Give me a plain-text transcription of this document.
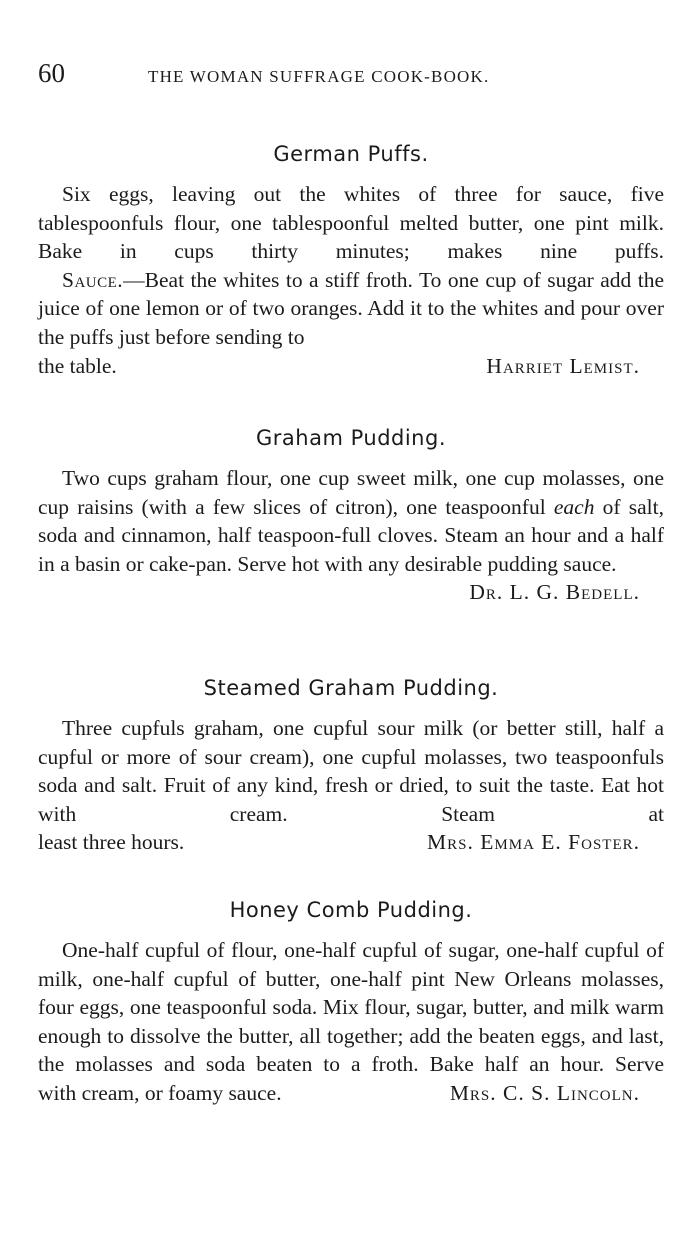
60	THE WOMAN SUFFRAGE COOK-BOOK.
German Puffs.

Six eggs, leaving out the whites of three for sauce, five tablespoonfuls flour, one tablespoonful melted butter, one pint milk. Bake in cups thirty minutes; makes nine puffs.

Sauce.—Beat the whites to a stiff froth. To one cup of sugar add the juice of one lemon or of two oranges. Add it to the whites and pour over the puffs just before sending to

the table.	Harriet Lemist.
Graham Pudding.

Two cups graham flour, one cup sweet milk, one cup molasses, one cup raisins (with a few slices of citron), one teaspoonful each of salt, soda and cinnamon, half teaspoon-full cloves. Steam an hour and a half in a basin or cake-pan. Serve hot with any desirable pudding sauce.

Dr. L. G. Bedell.
Steamed Graham Pudding.

Three cupfuls graham, one cupful sour milk (or better still, half a cupful or more of sour cream), one cupful molasses, two teaspoonfuls soda and salt. Fruit of any kind, fresh or dried, to suit the taste. Eat hot with cream. Steam at

least three hours.	Mrs. Emma E. Foster.
Honey Comb Pudding.

One-half cupful of flour, one-half cupful of sugar, one-half cupful of milk, one-half cupful of butter, one-half pint New Orleans molasses, four eggs, one teaspoonful soda. Mix flour, sugar, butter, and milk warm enough to dissolve the butter, all together; add the beaten eggs, and last, the molasses and soda beaten to a froth. Bake half an hour. Serve

with cream, or foamy sauce.	Mrs. C. S. Lincoln.
